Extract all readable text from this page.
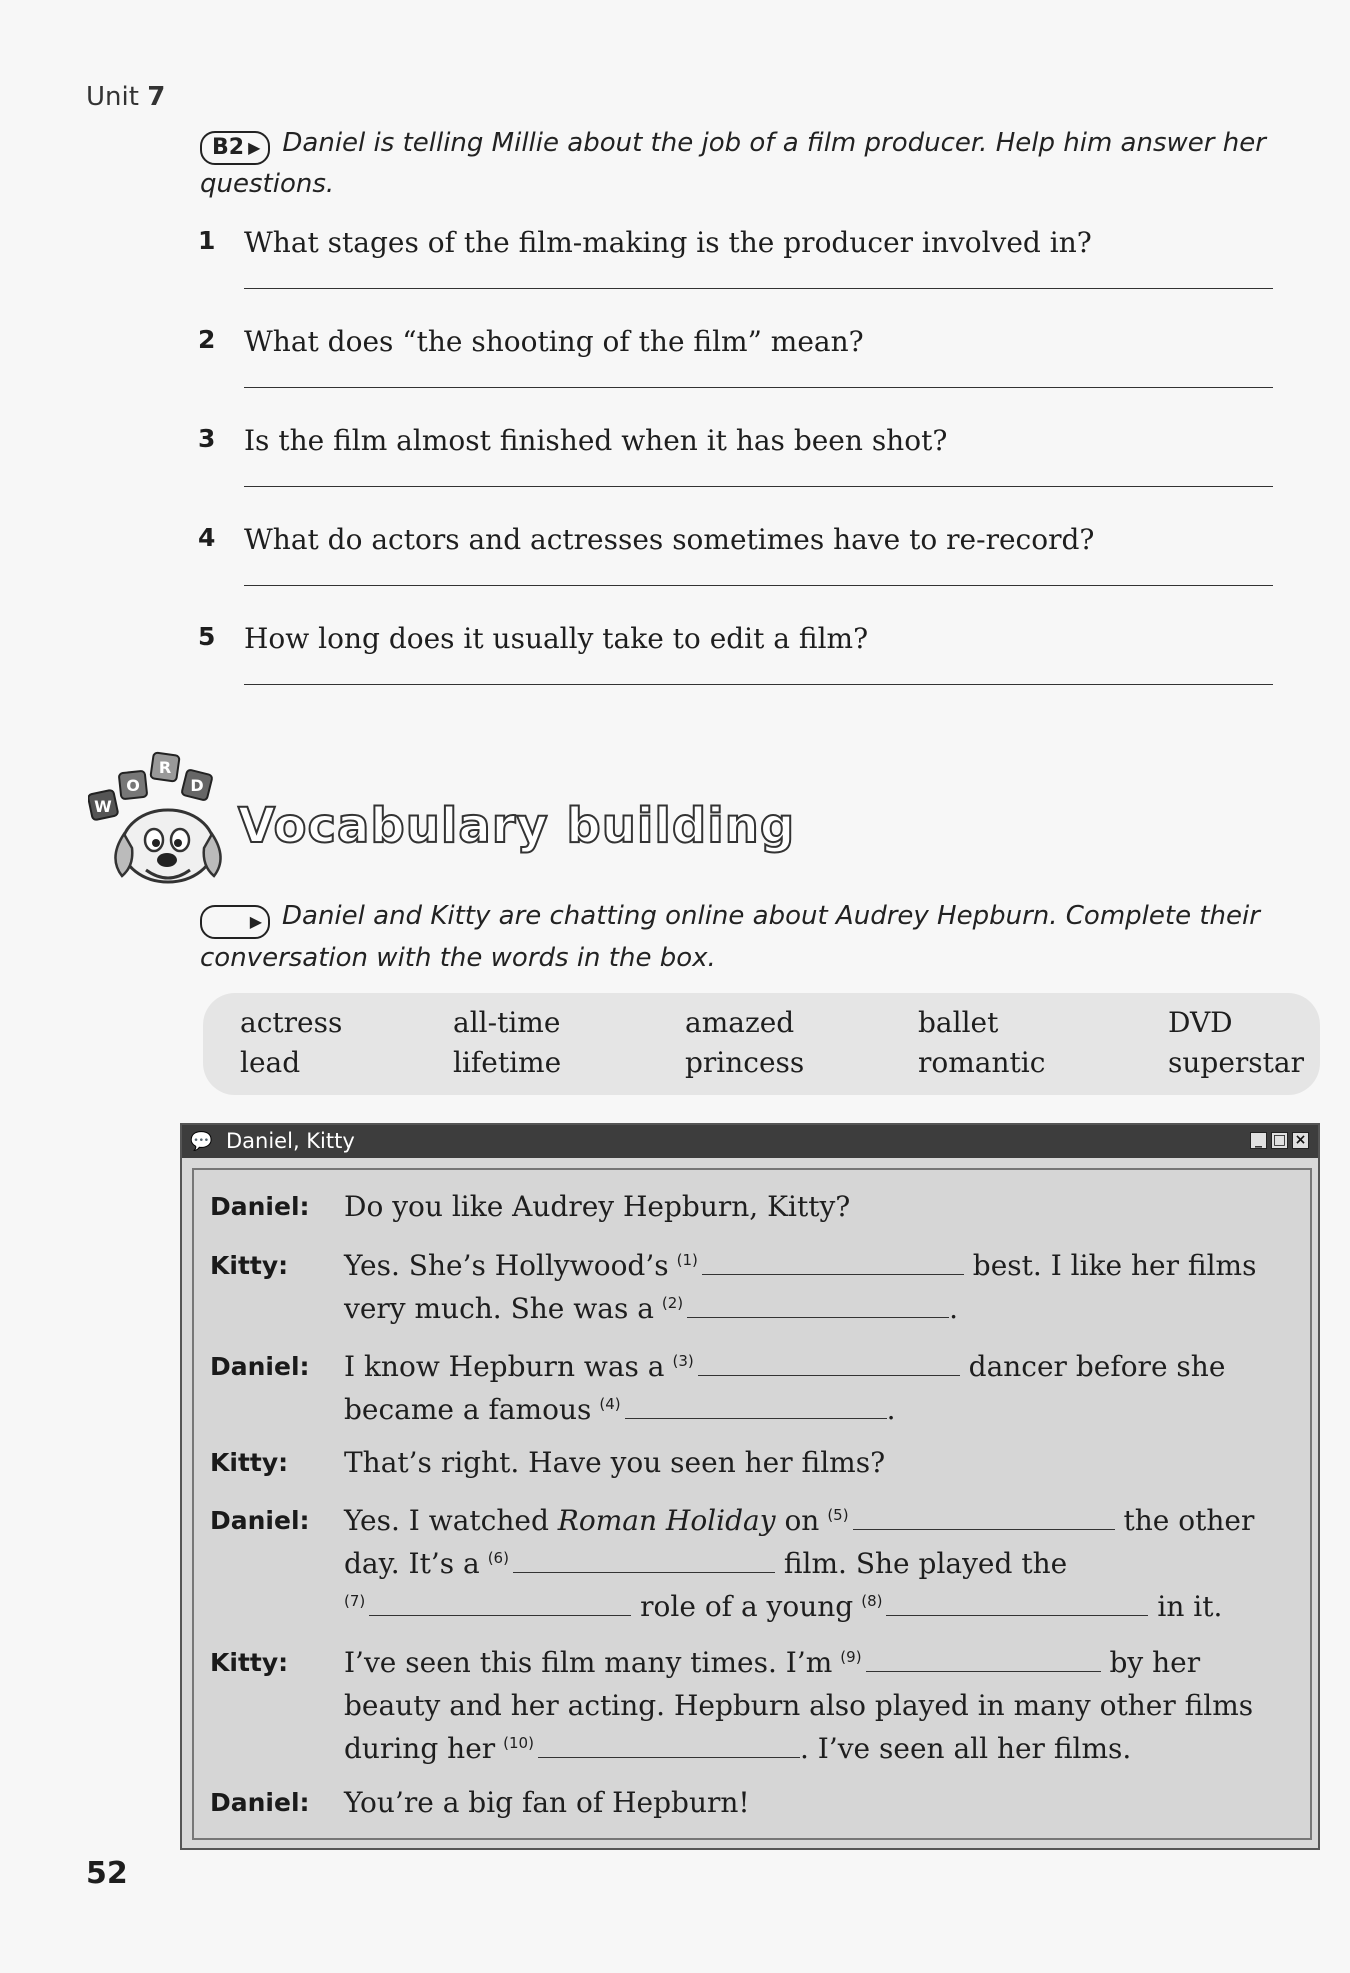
Unit 7
B2 ▶ Daniel is telling Millie about the job of a film producer. Help him answer her questions.
1 What stages of the film-making is the producer involved in?
2 What does “the shooting of the film” mean?
3 Is the film almost finished when it has been shot?
4 What do actors and actresses sometimes have to re-record?
5 How long does it usually take to edit a film?
W
O
R
D
Vocabulary building
▶ Daniel and Kitty are chatting online about Audrey Hepburn. Complete their conversation with the words in the box.
actress	all-time	amazed	ballet	DVD
lead	lifetime	princess	romantic	superstar
💬 Daniel, Kitty	_ □ ×
Daniel: Do you like Audrey Hepburn, Kitty?
Kitty: Yes. She’s Hollywood’s $^{(1)}$	best. I like her films
very much. She was a $^{(2)}$	.
Daniel: I know Hepburn was a $^{(3)}$	dancer before she
became a famous $^{(4)}$	.
Kitty: That’s right. Have you seen her films?
Daniel: Yes. I watched Roman Holiday on $^{(5)}$	the other
day. It’s a $^{(6)}$	film. She played the
$^{(7)}$	role of a young $^{(8)}$	in it.
Kitty: I’ve seen this film many times. I’m $^{(9)}$	by her
beauty and her acting. Hepburn also played in many other films
during her $^{(10)}$	. I’ve seen all her films.
Daniel: You’re a big fan of Hepburn!
52
